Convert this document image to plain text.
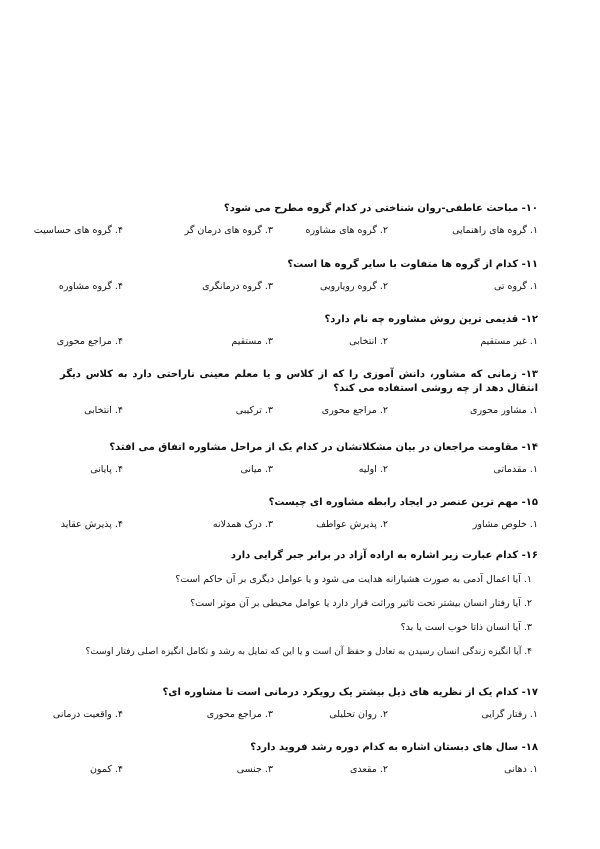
۱۰- مباحث عاطفی-روان شناختی در کدام گروه مطرح می شود؟
۱. گروه های راهنمایی
۲. گروه های مشاوره
۳. گروه های درمان گر
۴. گروه های حساسیت
۱۱- کدام از گروه ها متفاوت با سایر گروه ها است؟
۱. گروه تی
۲. گروه رویارویی
۳. گروه درمانگری
۴. گروه مشاوره
۱۲- قدیمی ترین روش مشاوره چه نام دارد؟
۱. غیر مستقیم
۲. انتخابی
۳. مستقیم
۴. مراجع محوری
۱۳- زمانی که مشاور، دانش آموزی را که از کلاس و یا معلم معینی ناراحتی دارد به کلاس دیگر انتقال دهد از چه روشی استفاده می کند؟
۱. مشاور محوری
۲. مراجع محوری
۳. ترکیبی
۴. انتخابی
۱۴- مقاومت مراجعان در بیان مشکلاتشان در کدام یک از مراحل مشاوره اتفاق می افتد؟
۱. مقدماتی
۲. اولیه
۳. میانی
۴. پایانی
۱۵- مهم ترین عنصر در ایجاد رابطه مشاوره ای چیست؟
۱. خلوص مشاور
۲. پذیرش عواطف
۳. درک همدلانه
۴. پذیرش عقاید
۱۶- کدام عبارت زیر اشاره به اراده آزاد در برابر جبر گرایی دارد
۱. آیا اعمال آدمی به صورت هشیارانه هدایت می شود و یا عوامل دیگری بر آن حاکم است؟
۲. آیا رفتار انسان بیشتر تحت تاثیر وراثت قرار دارد یا عوامل محیطی بر آن موثر است؟
۳. آیا انسان ذاتا خوب است یا بد؟
۴. آیا انگیزه زندگی انسان رسیدن به تعادل و حفظ آن است و یا این که تمایل به رشد و تکامل انگیزه اصلی رفتار اوست؟
۱۷- کدام یک از نظریه های ذیل بیشتر یک رویکرد درمانی است تا مشاوره ای؟
۱. رفتار گرایی
۲. روان تحلیلی
۳. مراجع محوری
۴. واقعیت درمانی
۱۸- سال های دبستان اشاره به کدام دوره رشد فروید دارد؟
۱. دهانی
۲. مقعدی
۳. جنسی
۴. کمون
